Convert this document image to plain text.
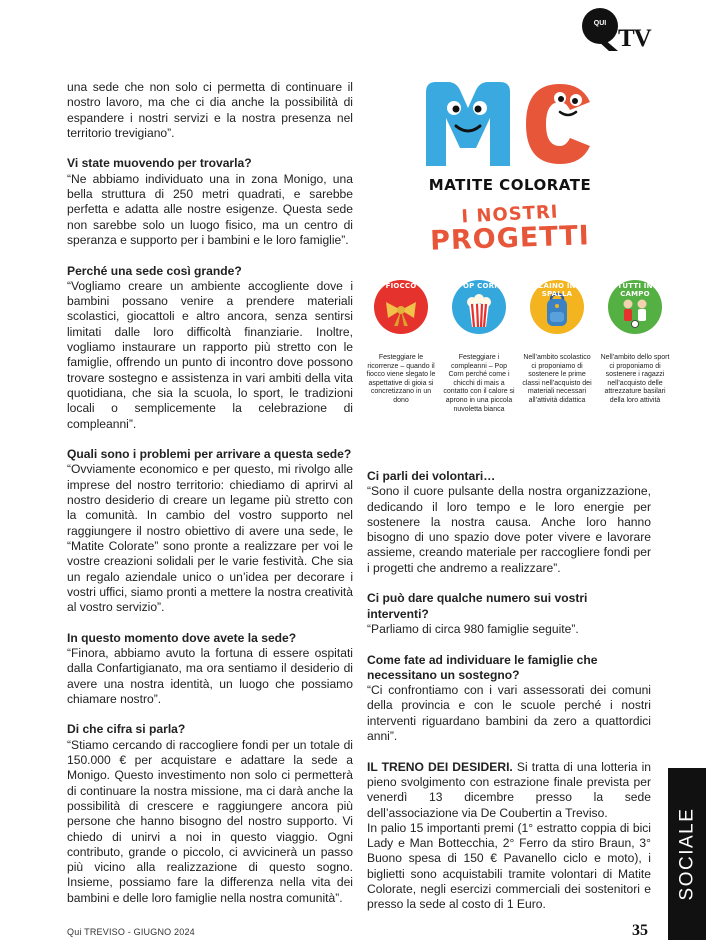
QUI
TV

una sede che non solo ci permetta di continuare il nostro lavoro, ma che ci dia anche la possibilità di espandere i nostri servizi e la nostra presenza nel territorio trevigiano”.

Vi state muovendo per trovarla?
“Ne abbiamo individuato una in zona Monigo, una bella struttura di 250 metri quadrati, e sarebbe perfetta e adatta alle nostre esigenze. Questa sede non sarebbe solo un luogo fisico, ma un centro di speranza e supporto per i bambini e le loro famiglie”.

Perché una sede così grande?
“Vogliamo creare un ambiente accogliente dove i bambini possano venire a prendere materiali scolastici, giocattoli e altro ancora, senza sentirsi limitati dalle loro difficoltà finanziarie. Inoltre, vogliamo instaurare un rapporto più stretto con le famiglie, offrendo un punto di incontro dove possono trovare sostegno e assistenza in vari ambiti della vita quotidiana, che sia la scuola, lo sport, le tradizioni locali o semplicemente la celebrazione di compleanni”.

Quali sono i problemi per arrivare a questa sede?
“Ovviamente economico e per questo, mi rivolgo alle imprese del nostro territorio: chiediamo di aprirvi al nostro desiderio di creare un legame più stretto con la comunità. In cambio del vostro supporto nel raggiungere il nostro obiettivo di avere una sede, le “Matite Colorate” sono pronte a realizzare per voi le vostre creazioni solidali per le varie festività. Che sia un regalo aziendale unico o un’idea per decorare i vostri uffici, siamo pronti a mettere la nostra creatività al vostro servizio”.

In questo momento dove avete la sede?
“Finora, abbiamo avuto la fortuna di essere ospitati dalla Confartigianato, ma ora sentiamo il desiderio di avere una nostra identità, un luogo che possiamo chiamare nostro”.

Di che cifra si parla?
“Stiamo cercando di raccogliere fondi per un totale di 150.000 € per acquistare e adattare la sede a Monigo. Questo investimento non solo ci permetterà di continuare la nostra missione, ma ci darà anche la possibilità di crescere e raggiungere ancora più persone che hanno bisogno del nostro supporto. Vi chiedo di unirvi a noi in questo viaggio. Ogni contributo, grande o piccolo, ci avvicinerà un passo più vicino alla realizzazione di questo sogno. Insieme, possiamo fare la differenza nella vita dei bambini e delle loro famiglie nella nostra comunità”.

MATITE COLORATE
I NOSTRI
PROGETTI
FIOCCO
Festeggiare le ricorrenze – quando il fiocco viene slegato le aspettative di gioia si concretizzano in un dono
POP CORN
Festeggiare i compleanni – Pop Corn perché come i chicchi di mais a contatto con il calore si aprono in una piccola nuvoletta bianca
ZAINO IN SPALLA
Nell’ambito scolastico ci proponiamo di sostenere le prime classi nell’acquisto dei materiali necessari all’attività didattica
TUTTI IN CAMPO
Nell’ambito dello sport ci proponiamo di sostenere i ragazzi nell’acquisto delle attrezzature basilari della loro attività

Ci parli dei volontari…
“Sono il cuore pulsante della nostra organizzazione, dedicando il loro tempo e le loro energie per sostenere la nostra causa. Anche loro hanno bisogno di uno spazio dove poter vivere e lavorare assieme, creando materiale per raccogliere fondi per i progetti che andremo a realizzare”.

Ci può dare qualche numero sui vostri interventi?
“Parliamo di circa 980 famiglie seguite”.

Come fate ad individuare le famiglie che necessitano un sostegno?
“Ci confrontiamo con i vari assessorati dei comuni della provincia e con le scuole perché i nostri interventi riguardano bambini da zero a quattordici anni”.

IL TRENO DEI DESIDERI. Si tratta di una lotteria in pieno svolgimento con estrazione finale prevista per venerdì 13 dicembre presso la sede dell’associazione via De Coubertin a Treviso.

In palio 15 importanti premi (1° estratto coppia di bici Lady e Man Bottecchia, 2° Ferro da stiro Braun, 3° Buono spesa di 150 € Pavanello ciclo e moto), i biglietti sono acquistabili tramite volontari di Matite Colorate, negli esercizi commerciali dei sostenitori e presso la sede al costo di 1 Euro.

SOCIALE
Qui TREVISO - GIUGNO 2024	35
